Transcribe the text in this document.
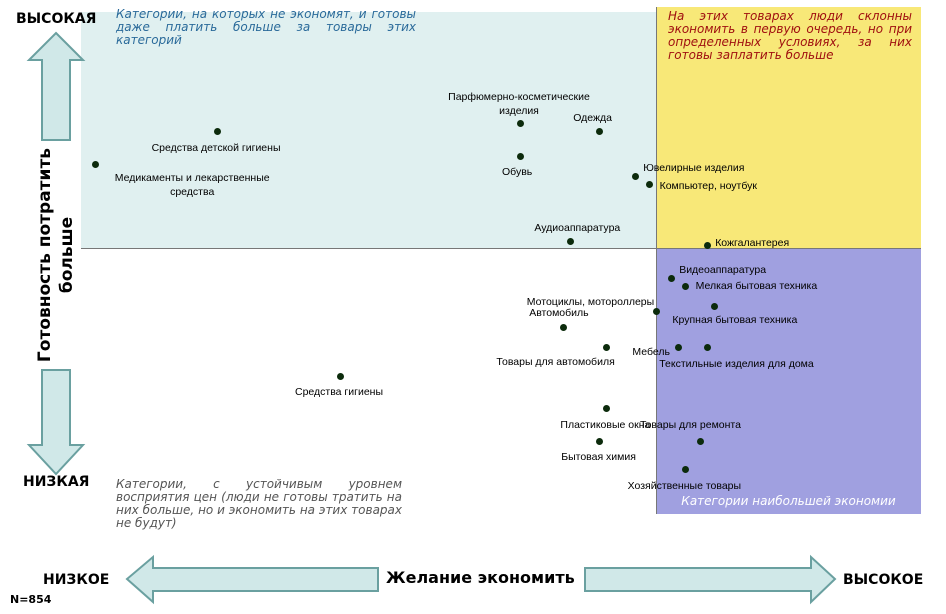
Категории, на которых не экономят, и готовы даже платить больше за товары этих категорий
На этих товарах люди склонны экономить в первую очередь, но при определенных условиях, за них готовы заплатить больше
Категории, с устойчивым уровнем восприятия цен (люди не готовы тратить на них больше, но и экономить на этих товарах не будут)
Категории наибольшей экономии
ВЫСОКАЯ
НИЗКАЯ
НИЗКОЕ	ВЫСОКОЕ
Желание экономить
Готовность потратить больше
N=854
Медикаменты и лекарственные средства
Средства детской гигиены
Парфюмерно-косметические изделия
Обувь
Одежда
Ювелирные изделия
Компьютер, ноутбук
Аудиоаппаратура
Кожгалантерея
Видеоаппаратура
Мелкая бытовая техника
Мотоциклы, мотороллеры
Крупная бытовая техника
Автомобиль
Товары для автомобиля
Мебель
Текстильные изделия для дома
Средства гигиены
Пластиковые окна
Товары для ремонта
Бытовая химия
Хозяйственные товары
